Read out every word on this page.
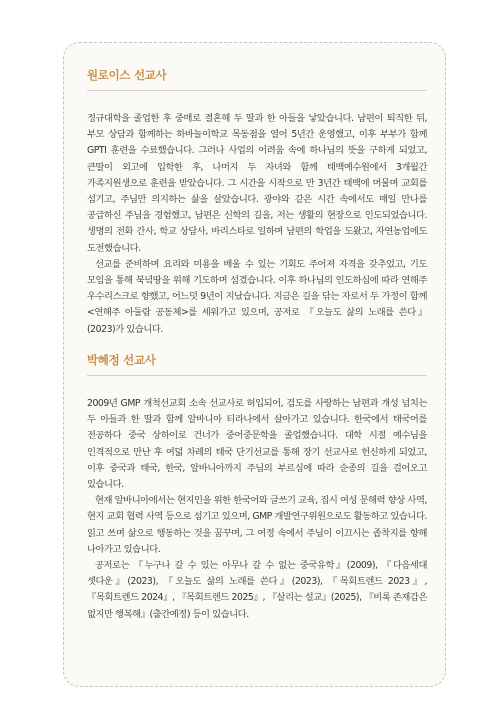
원로이스 선교사

정규대학을 졸업한 후 중매로 결혼해 두 딸과 한 아들을 낳았습니다. 남편이 퇴직한 뒤, 부모 상담과 함께하는 하바놀이학교 목동점을 열어 5년간 운영했고, 이후 부부가 함께 GPTI 훈련을 수료했습니다. 그러나 사업의 어려움 속에 하나님의 뜻을 구하게 되었고, 큰딸이 외고에 입학한 후, 나머지 두 자녀와 함께 태백예수원에서 3개월간 가족지원생으로 훈련을 받았습니다. 그 시간을 시작으로 만 3년간 태백에 머물며 교회를 섬기고, 주님만 의지하는 삶을 살았습니다. 광야와 같은 시간 속에서도 매일 만나를 공급하신 주님을 경험했고, 남편은 신학의 길을, 저는 생활의 현장으로 인도되었습니다. 생명의 전화 간사, 학교 상담사, 바리스타로 일하며 남편의 학업을 도왔고, 자연농업에도 도전했습니다.

선교를 준비하며 요리와 미용을 배울 수 있는 기회도 주어져 자격을 갖추었고, 기도 모임을 통해 북녘땅을 위해 기도하며 섬겼습니다. 이후 하나님의 인도하심에 따라 연해주 우수리스크로 향했고, 어느덧 9년이 지났습니다. 지금은 길을 닦는 자로서 두 가정이 함께 <연해주 아둘람 공동체>를 세워가고 있으며, 공저로 『오늘도 삶의 노래를 쓴다』(2023)가 있습니다.

박혜정 선교사

2009년 GMP 개척선교회 소속 선교사로 허입되어, 검도를 사랑하는 남편과 개성 넘치는 두 아들과 한 딸과 함께 알바니아 티라나에서 살아가고 있습니다. 한국에서 태국어를 전공하다 중국 상하이로 건너가 중어중문학을 졸업했습니다. 대학 시절 예수님을 인격적으로 만난 후 여덟 차례의 태국 단기선교를 통해 장기 선교사로 헌신하게 되었고, 이후 중국과 태국, 한국, 알바니아까지 주님의 부르심에 따라 순종의 길을 걸어오고 있습니다.

현재 알바니아에서는 현지인을 위한 한국어와 글쓰기 교육, 집시 여성 문해력 향상 사역, 현지 교회 협력 사역 등으로 섬기고 있으며, GMP 개발연구위원으로도 활동하고 있습니다. 읽고 쓰며 삶으로 행동하는 것을 꿈꾸며, 그 여정 속에서 주님이 이끄시는 좁착지를 향해 나아가고 있습니다.

공저로는 『누구나 갈 수 있는 아무나 갈 수 없는 중국유학』(2009), 『다음세대 셋다운』(2023), 『오늘도 삶의 노래를 쓴다』(2023), 『목회트렌드 2023』, 『목회트렌드 2024』, 『목회트렌드 2025』, 『살리는 설교』(2025), 『비록 존재감은 없지만 행복해』(출간예정) 등이 있습니다.
